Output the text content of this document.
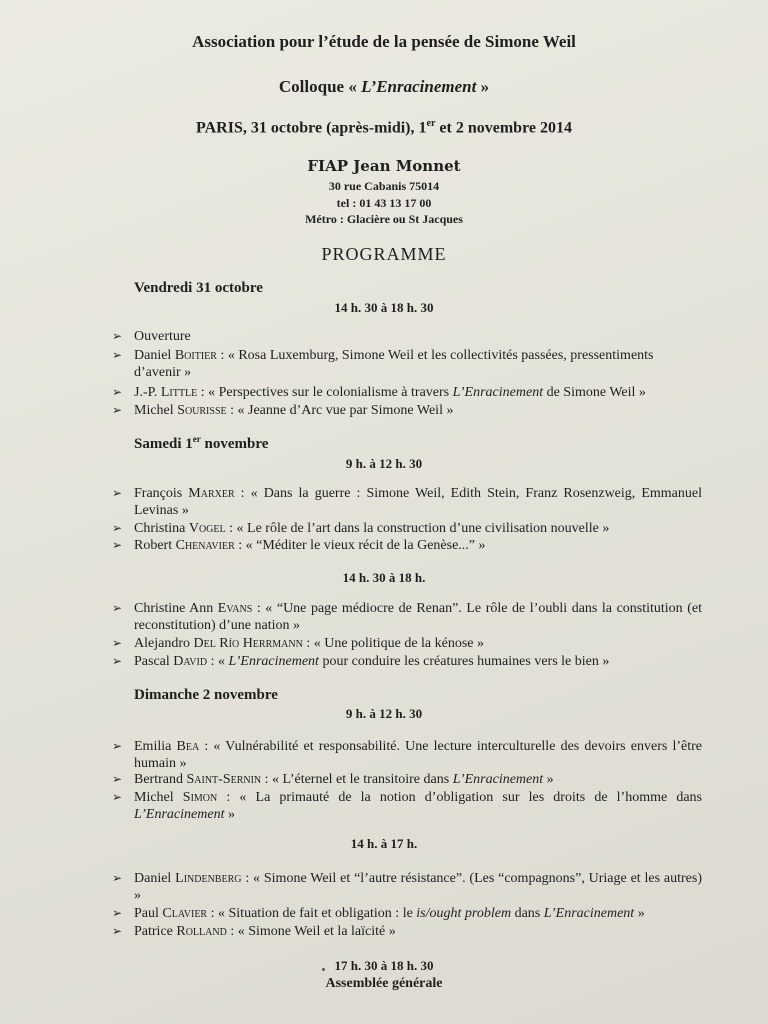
Association pour l’étude de la pensée de Simone Weil
Colloque « L’Enracinement »
PARIS, 31 octobre (après-midi), 1er et 2 novembre 2014
FIAP Jean Monnet
30 rue Cabanis 75014
tel : 01 43 13 17 00
Métro : Glacière ou St Jacques
PROGRAMME
Vendredi 31 octobre
14 h. 30 à 18 h. 30
➢ Ouverture
➢ Daniel Boitier : « Rosa Luxemburg, Simone Weil et les collectivités passées, pressentiments d’avenir »
➢ J.-P. Little : « Perspectives sur le colonialisme à travers L’Enracinement de Simone Weil »
➢ Michel Sourisse : « Jeanne d’Arc vue par Simone Weil »
Samedi 1er novembre
9 h. à 12 h. 30
➢ François Marxer : « Dans la guerre : Simone Weil, Edith Stein, Franz Rosenzweig, Emmanuel Levinas »
➢ Christina Vogel : « Le rôle de l’art dans la construction d’une civilisation nouvelle »
➢ Robert Chenavier : « “Méditer le vieux récit de la Genèse...” »
14 h. 30 à 18 h.
➢ Christine Ann Evans : « “Une page médiocre de Renan”. Le rôle de l’oubli dans la constitution (et reconstitution) d’une nation »
➢ Alejandro Del Río Herrmann : « Une politique de la kénose »
➢ Pascal David : « L’Enracinement pour conduire les créatures humaines vers le bien »
Dimanche 2 novembre
9 h. à 12 h. 30
➢ Emilia Bea : « Vulnérabilité et responsabilité. Une lecture interculturelle des devoirs envers l’être humain »
➢ Bertrand Saint-Sernin : « L’éternel et le transitoire dans L’Enracinement »
➢ Michel Simon : « La primauté de la notion d’obligation sur les droits de l’homme dans L’Enracinement »
14 h. à 17 h.
➢ Daniel Lindenberg : « Simone Weil et “l’autre résistance”. (Les “compagnons”, Uriage et les autres) »
➢ Paul Clavier : « Situation de fait et obligation : le is/ought problem dans L’Enracinement »
➢ Patrice Rolland : « Simone Weil et la laïcité »
17 h. 30 à 18 h. 30
Assemblée générale
